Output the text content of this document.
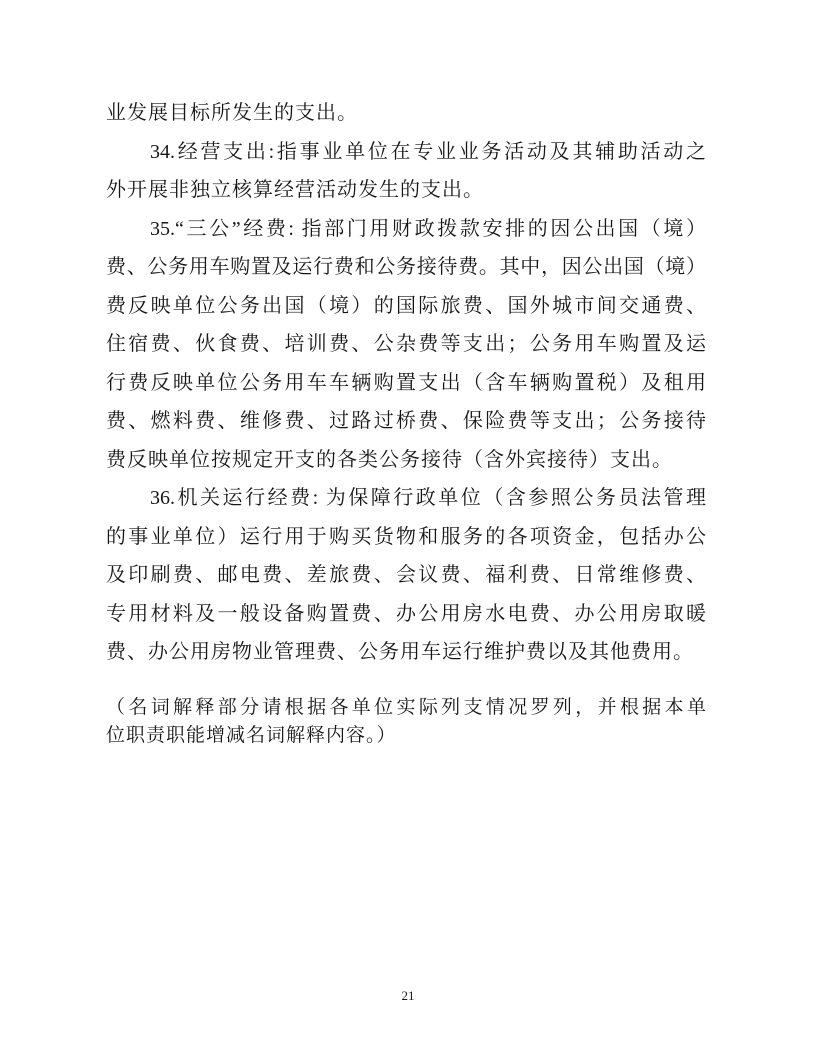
业发展目标所发生的支出。
34.经营支出:指事业单位在专业业务活动及其辅助活动之
外开展非独立核算经营活动发生的支出。
35.“三公”经费: 指部门用财政拨款安排的因公出国（境）
费、公务用车购置及运行费和公务接待费。其中，因公出国（境）
费反映单位公务出国（境）的国际旅费、国外城市间交通费、
住宿费、伙食费、培训费、公杂费等支出；公务用车购置及运
行费反映单位公务用车车辆购置支出（含车辆购置税）及租用
费、燃料费、维修费、过路过桥费、保险费等支出；公务接待
费反映单位按规定开支的各类公务接待（含外宾接待）支出。
36.机关运行经费: 为保障行政单位（含参照公务员法管理
的事业单位）运行用于购买货物和服务的各项资金，包括办公
及印刷费、邮电费、差旅费、会议费、福利费、日常维修费、
专用材料及一般设备购置费、办公用房水电费、办公用房取暖
费、办公用房物业管理费、公务用车运行维护费以及其他费用。
（名词解释部分请根据各单位实际列支情况罗列，并根据本单
位职责职能增减名词解释内容。）
21
